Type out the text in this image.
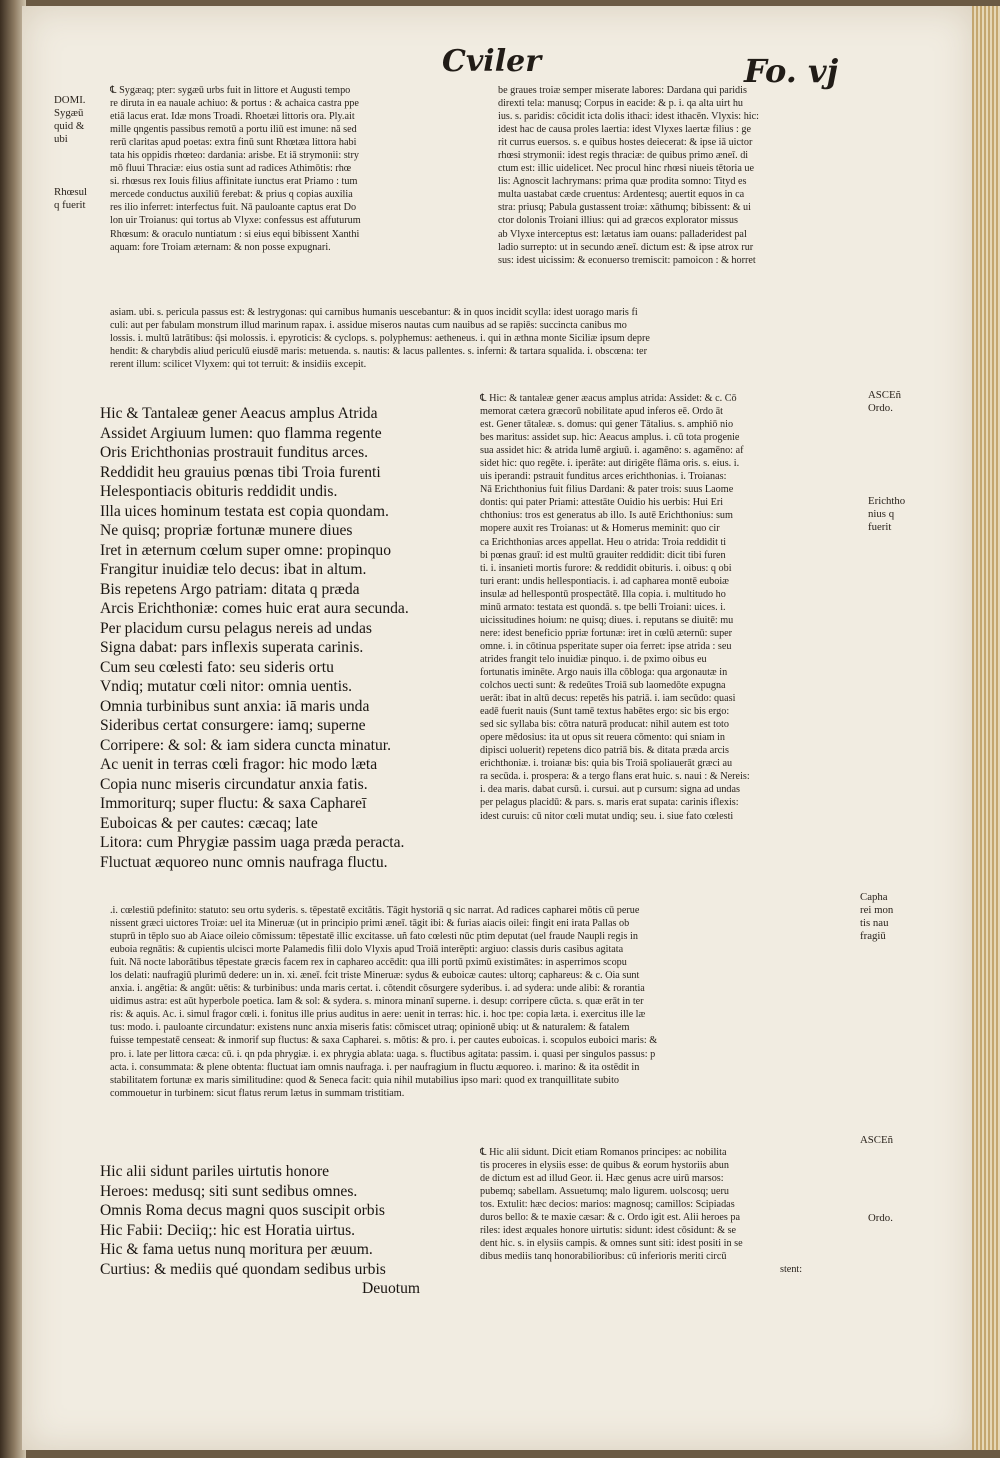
Cviler	Fo. vj
DOMI.
Sygæū
quid &
ubi
Rhœsul
q fuerit
℄ Sygæaq; pter: sygæū urbs fuit in littore et Augusti tempo
re diruta in ea nauale achiuo: & portus : & achaica castra ppe
etiā lacus erat. Idæ mons Troadi. Rhoetæi littoris ora. Ply.ait
mille qngentis passibus remotū a portu iliū est imune: nā sed
rerū claritas apud poetas: extra finū sunt Rhœtæa littora habi
tata his oppidis rhœteo: dardania: arisbe. Et iā strymonii: stry
mō fluui Thraciæ: eius ostia sunt ad radices Athimōtis: rhœ
si. rhœsus rex Iouis filius affinitate iunctus erat Priamo : tum
mercede conductus auxiliū ferebat: & prius q copias auxilia
res ilio inferret: interfectus fuit. Nā pauloante captus erat Do
lon uir Troianus: qui tortus ab Vlyxe: confessus est affuturum
Rhœsum: & oraculo nuntiatum : si eius equi bibissent Xanthi
aquam: fore Troiam æternam: & non posse expugnari.
be graues troiæ semper miserate labores: Dardana qui paridis
direxti tela: manusq; Corpus in eacide: & p. i. qa alta uirt hu
ius. s. paridis: cōcidit icta dolis ithaci: idest ithacēn. Vlyxis: hic:
idest hac de causa proles laertia: idest Vlyxes laertæ filius : ge
rit currus euersos. s. e quibus hostes deiecerat: & ipse iā uictor
rhœsi strymonii: idest regis thraciæ: de quibus primo æneī. di
ctum est: illic uidelicet. Nec procul hinc rhœsi niueis tētoria ue
lis: Agnoscit lachrymans: prima quæ prodita somno: Tityd es
multa uastabat cæde cruentus: Ardentesq; auertit equos in ca
stra: priusq; Pabula gustassent troiæ: xāthumq; bibissent: & ui
ctor dolonis Troiani illius: qui ad græcos explorator missus
ab Vlyxe interceptus est: lætatus iam ouans: palladeridest pal
ladio surrepto: ut in secundo æneī. dictum est: & ipse atrox rur
sus: idest uicissim: & econuerso tremiscit: pamoicon : & horret
asiam. ubi. s. pericula passus est: & lestrygonas: qui carnibus humanis uescebantur: & in quos incidit scylla: idest uorago maris fi
culi: aut per fabulam monstrum illud marinum rapax. i. assidue miseros nautas cum nauibus ad se rapiēs: succincta canibus mo
lossis. i. multū latrātibus: q̄si molossis. i. epyroticis: & cyclops. s. polyphemus: aetheneus. i. qui in æthna monte Siciliæ ipsum depre
hendit: & charybdis aliud periculū eiusdē maris: metuenda. s. nautis: & lacus pallentes. s. inferni: & tartara squalida. i. obscœna: ter
rerent illum: scilicet Vlyxem: qui tot terruit: & insidiis excepit.
ASCEñ
Ordo.
Hic & Tantaleæ gener Aeacus amplus Atrida
Assidet Argiuum lumen: quo flamma regente
Oris Erichthonias prostrauit funditus arces.
Reddidit heu grauius pœnas tibi Troia furenti
Helespontiacis obituris reddidit undis.
Illa uices hominum testata est copia quondam.
Ne quisq; propriæ fortunæ munere diues
Iret in æternum cœlum super omne: propinquo
Frangitur inuidiæ telo decus: ibat in altum.
Bis repetens Argo patriam: ditata q præda
Arcis Erichthoniæ: comes huic erat aura secunda.
Per placidum cursu pelagus nereis ad undas
Signa dabat: pars inflexis superata carinis.
Cum seu cœlesti fato: seu sideris ortu
Vndiq; mutatur cœli nitor: omnia uentis.
Omnia turbinibus sunt anxia: iā maris unda
Sideribus certat consurgere: iamq; superne
Corripere: & sol: & iam sidera cuncta minatur.
Ac uenit in terras cœli fragor: hic modo læta
Copia nunc miseris circundatur anxia fatis.
Immoriturq; super fluctu: & saxa Caphareī
Euboicas & per cautes: cæcaq; late
Litora: cum Phrygiæ passim uaga præda peracta.
Fluctuat æquoreo nunc omnis naufraga fluctu.
℄ Hic: & tantaleæ gener æacus amplus atrida: Assidet: & c. Cō
memorat cætera græcorū nobilitate apud inferos eē. Ordo āt
est. Gener tātaleæ. s. domus: qui gener Tātalius. s. amphiō nio
bes maritus: assidet sup. hic: Aeacus amplus. i. cū tota progenie
sua assidet hic: & atrida lumē argiuū. i. agamēno: s. agamēno: af
sidet hic: quo regēte. i. iperāte: aut dirigēte flāma oris. s. eius. i.
uis iperandi: pstrauit funditus arces erichthonias. i. Troianas:
Nā Erichthonius fuit filius Dardani: & pater trois: suus Laome
dontis: qui pater Priami: attestāte Ouidio his uerbis: Hui Eri
chthonius: tros est generatus ab illo. Is autē Erichthonius: sum
mopere auxit res Troianas: ut & Homerus meminit: quo cir
ca Erichthonias arces appellat. Heu o atrida: Troia reddidit ti
bi pœnas grauī: id est multū grauiter reddidit: dicit tibi furen
ti. i. insanieti mortis furore: & reddidit obituris. i. oibus: q obi
turi erant: undis hellespontiacis. i. ad capharea montē euboiæ
insulæ ad hellespontū prospectātē. Illa copia. i. multitudo ho
minū armato: testata est quondā. s. tpe belli Troiani: uices. i.
uicissitudines hoium: ne quisq; diues. i. reputans se diuitē: mu
nere: idest beneficio ppriæ fortunæ: iret in cœlū æternū: super
omne. i. in cōtinua psperitate super oia ferret: ipse atrida : seu
atrides frangit telo inuidiæ pinquo. i. de pximo oibus eu
fortunatis iminēte. Argo nauis illa cōbloga: qua argonautæ in
colchos uecti sunt: & redeūtes Troiā sub laomedōte expugna
uerāt: ibat in altū decus: repetēs his patriā. i. iam secūdo: quasi
eadē fuerit nauis (Sunt tamē textus habētes ergo: sic bis ergo:
sed sic syllaba bis: cōtra naturā producat: nihil autem est toto
opere mēdosius: ita ut opus sit reuera cōmento: qui sniam in
dipisci uoluerit) repetens dico patriā bis. & ditata præda arcis
erichthoniæ. i. troianæ bis: quia bis Troiā spoliauerāt græci au
ra secūda. i. prospera: & a tergo flans erat huic. s. naui : & Nereis:
i. dea maris. dabat cursū. i. cursui. aut p cursum: signa ad undas
per pelagus placidū: & pars. s. maris erat supata: carinis iflexis:
idest curuis: cū nitor cœli mutat undiq; seu. i. siue fato cœlesti
Erichtho
nius q
fuerit
Capha
rei mon
tis nau
fragiū
.i. cœlestiū pdefinito: statuto: seu ortu syderis. s. tēpestatē excitātis. Tāgit hystoriā q sic narrat. Ad radices capharei mōtis cū perue
nissent græci uictores Troiæ: uel ita Mineruæ (ut in principio primi æneī. tāgit ibi: & furias aiacis oilei: fingit eni irata Pallas ob
stuprū in tēplo suo ab Aiace oileio cōmissum: tēpestatē illic excitasse. uñ fato cœlesti nūc ptim deputat (uel fraude Naupli regis in
euboia regnātis: & cupientis ulcisci morte Palamedis filii dolo Vlyxis apud Troiā interēpti: argiuo: classis duris casibus agitata
fuit. Nā nocte laborātibus tēpestate græcis facem rex in caphareo accēdit: qua illi portū pximū existimātes: in asperrimos scopu
los delati: naufragiū plurimū dedere: un in. xi. æneī. fcit triste Mineruæ: sydus & euboicæ cautes: ultorq; caphareus: & c. Oia sunt
anxia. i. angētia: & angūt: uētis: & turbinibus: unda maris certat. i. cōtendit cōsurgere syderibus. i. ad sydera: unde alibi: & rorantia
uidimus astra: est aūt hyperbole poetica. Iam & sol: & sydera. s. minora minanī superne. i. desup: corripere cūcta. s. quæ erāt in ter
ris: & aquis. Ac. i. simul fragor cœli. i. fonitus ille prius auditus in aere: uenit in terras: hic. i. hoc tpe: copia læta. i. exercitus ille læ
tus: modo. i. pauloante circundatur: existens nunc anxia miseris fatis: cōmiscet utraq; opinionē ubiq: ut & naturalem: & fatalem
fuisse tempestatē censeat: & inmorif sup fluctus: & saxa Capharei. s. mōtis: & pro. i. per cautes euboicas. i. scopulos euboici maris: &
pro. i. late per littora cæca: cū. i. qn pda phrygiæ. i. ex phrygia ablata: uaga. s. fluctibus agitata: passim. i. quasi per singulos passus: p
acta. i. consummata: & plene obtenta: fluctuat iam omnis naufraga. i. per naufragium in fluctu æquoreo. i. marino: & ita ostēdit in
stabilitatem fortunæ ex maris similitudine: quod & Seneca facit: quia nihil mutabilius ipso mari: quod ex tranquillitate subito
commouetur in turbinem: sicut flatus rerum lætus in summam tristitiam.
ASCEñ
Ordo.
Hic alii sidunt pariles uirtutis honore
Heroes: medusq; siti sunt sedibus omnes.
Omnis Roma decus magni quos suscipit orbis
Hic Fabii: Deciiq;: hic est Horatia uirtus.
Hic & fama uetus nunq moritura per æuum.
Curtius: & mediis qué quondam sedibus urbis
Deuotum
℄ Hic alii sidunt. Dicit etiam Romanos principes: ac nobilita
tis proceres in elysiis esse: de quibus & eorum hystoriis abun
de dictum est ad illud Geor. ii. Hæc genus acre uirū marsos:
pubemq; sabellam. Assuetumq; malo ligurem. uolscosq; ueru
tos. Extulit: hæc decios: marios: magnosq; camillos: Scipiadas
duros bello: & te maxie cæsar: & c. Ordo igit est. Alii heroes pa
riles: idest æquales honore uirtutis: sidunt: idest cōsidunt: & se
dent hic. s. in elysiis campis. & omnes sunt siti: idest positi in se
dibus mediis tanq honorabilioribus: cū inferioris meriti circū
stent:
